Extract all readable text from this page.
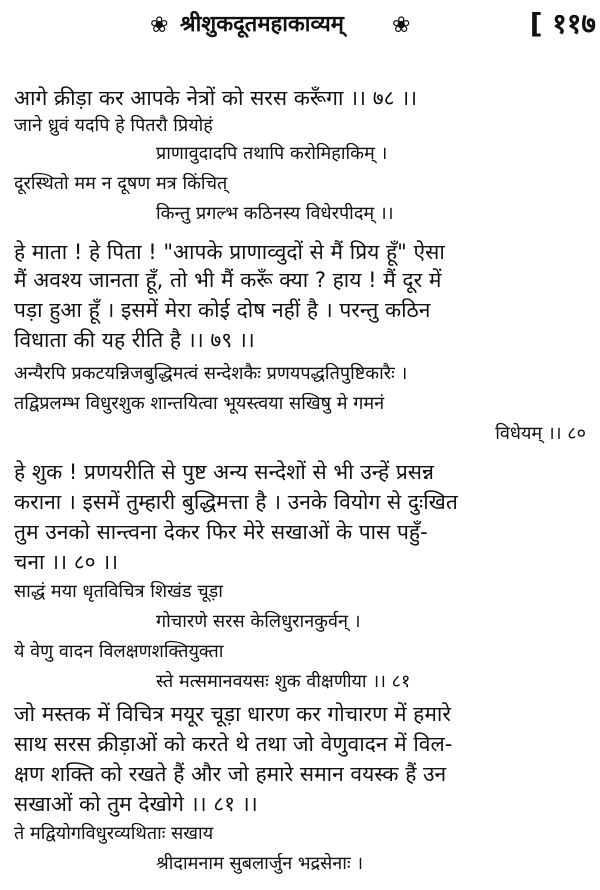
❀ श्रीशुकदूतमहाकाव्यम् ❀	[ ११७
आगे क्रीड़ा कर आपके नेत्रों को सरस करूँगा ।। ७८ ।।
जाने ध्रुवं यदपि हे पितरौ प्रियोहं
प्राणावुदादपि तथापि करोमिहाकिम् ।
दूरस्थितो मम न दूषण मत्र किंचित्
किन्तु प्रगल्भ कठिनस्य विधेरपीदम् ।।
हे माता ! हे पिता ! "आपके प्राणाव्वुदों से मैं प्रिय हूँ" ऐसा
मैं अवश्य जानता हूँ, तो भी मैं करूँ क्या ? हाय ! मैं दूर में
पड़ा हुआ हूँ । इसमें मेरा कोई दोष नहीं है । परन्तु कठिन
विधाता की यह रीति है ।। ७९ ।।
अन्यैरपि प्रकटयन्निजबुद्धिमत्वं सन्देशकैः प्रणयपद्धतिपुष्टिकारैः ।
तद्विप्रलम्भ विधुरशुक शान्तयित्वा भूयस्त्वया सखिषु मे गमनं
विधेयम् ।। ८०
हे शुक ! प्रणयरीति से पुष्ट अन्य सन्देशों से भी उन्हें प्रसन्न
कराना । इसमें तुम्हारी बुद्धिमत्ता है । उनके वियोग से दुःखित
तुम उनको सान्त्वना देकर फिर मेरे सखाओं के पास पहुँ-
चना ।। ८० ।।
साद्धं मया धृतविचित्र शिखंड चूड़ा
गोचारणे सरस केलिधुरानकुर्वन् ।
ये वेणु वादन विलक्षणशक्तियुक्ता
स्ते मत्समानवयसः शुक वीक्षणीया ।। ८१
जो मस्तक में विचित्र मयूर चूड़ा धारण कर गोचारण में हमारे
साथ सरस क्रीड़ाओं को करते थे तथा जो वेणुवादन में विल-
क्षण शक्ति को रखते हैं और जो हमारे समान वयस्क हैं उन
सखाओं को तुम देखोगे ।। ८१ ।।
ते मद्वियोगविधुरव्यथिताः सखाय
श्रीदामनाम सुबलार्जुन भद्रसेनाः ।
